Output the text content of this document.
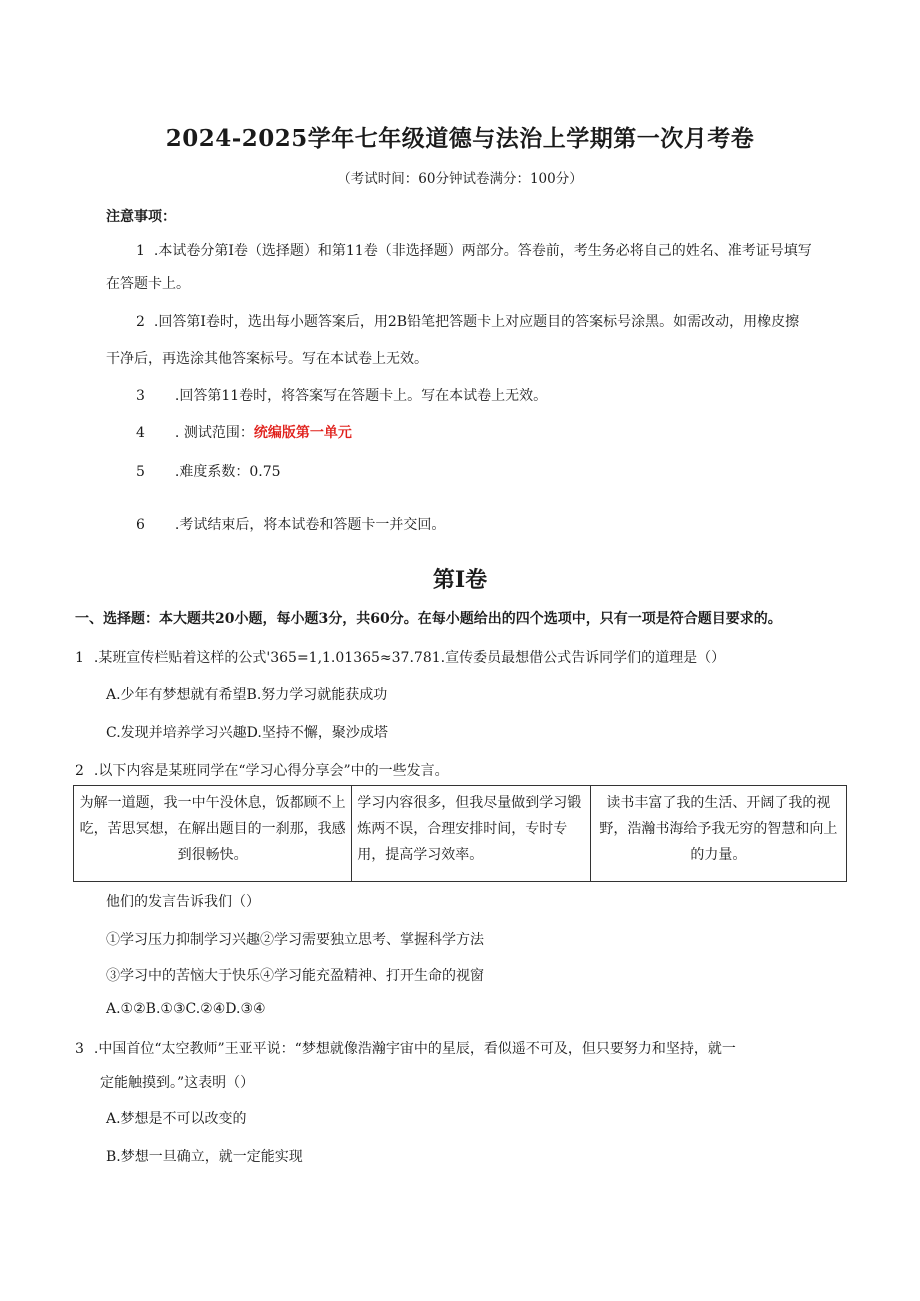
2024-2025学年七年级道德与法治上学期第一次月考卷
（考试时间：60分钟试卷满分：100分）
注意事项：
1 .本试卷分第I卷（选择题）和第11卷（非选择题）两部分。答卷前，考生务必将自己的姓名、准考证号填写
在答题卡上。
2 .回答第I卷时，选出每小题答案后，用2B铅笔把答题卡上对应题目的答案标号涂黑。如需改动，用橡皮擦
干净后，再选涂其他答案标号。写在本试卷上无效。
3 .回答第11卷时，将答案写在答题卡上。写在本试卷上无效。
4 . 测试范围：统编版第一单元
5 .难度系数：0.75
6 .考试结束后，将本试卷和答题卡一并交回。
第I卷
一、选择题：本大题共20小题，每小题3分，共60分。在每小题给出的四个选项中，只有一项是符合题目要求的。
1 .某班宣传栏贴着这样的公式'365=1,1.01365≈37.781.宣传委员最想借公式告诉同学们的道理是（）
A.少年有梦想就有希望B.努力学习就能获成功
C.发现并培养学习兴趣D.坚持不懈，聚沙成塔
2 .以下内容是某班同学在“学习心得分享会”中的一些发言。
为解一道题，我一中午没休息，饭都顾不上吃，苦思冥想，在解出题目的一刹那，我感到很畅快。	学习内容很多，但我尽量做到学习锻炼两不误，合理安排时间，专时专用，提高学习效率。	读书丰富了我的生活、开阔了我的视野，浩瀚书海给予我无穷的智慧和向上的力量。
他们的发言告诉我们（）
①学习压力抑制学习兴趣②学习需要独立思考、掌握科学方法
③学习中的苦恼大于快乐④学习能充盈精神、打开生命的视窗
A.①②B.①③C.②④D.③④
3 .中国首位“太空教师”王亚平说：“梦想就像浩瀚宇宙中的星辰，看似遥不可及，但只要努力和坚持，就一
定能触摸到。”这表明（）
A.梦想是不可以改变的
B.梦想一旦确立，就一定能实现
